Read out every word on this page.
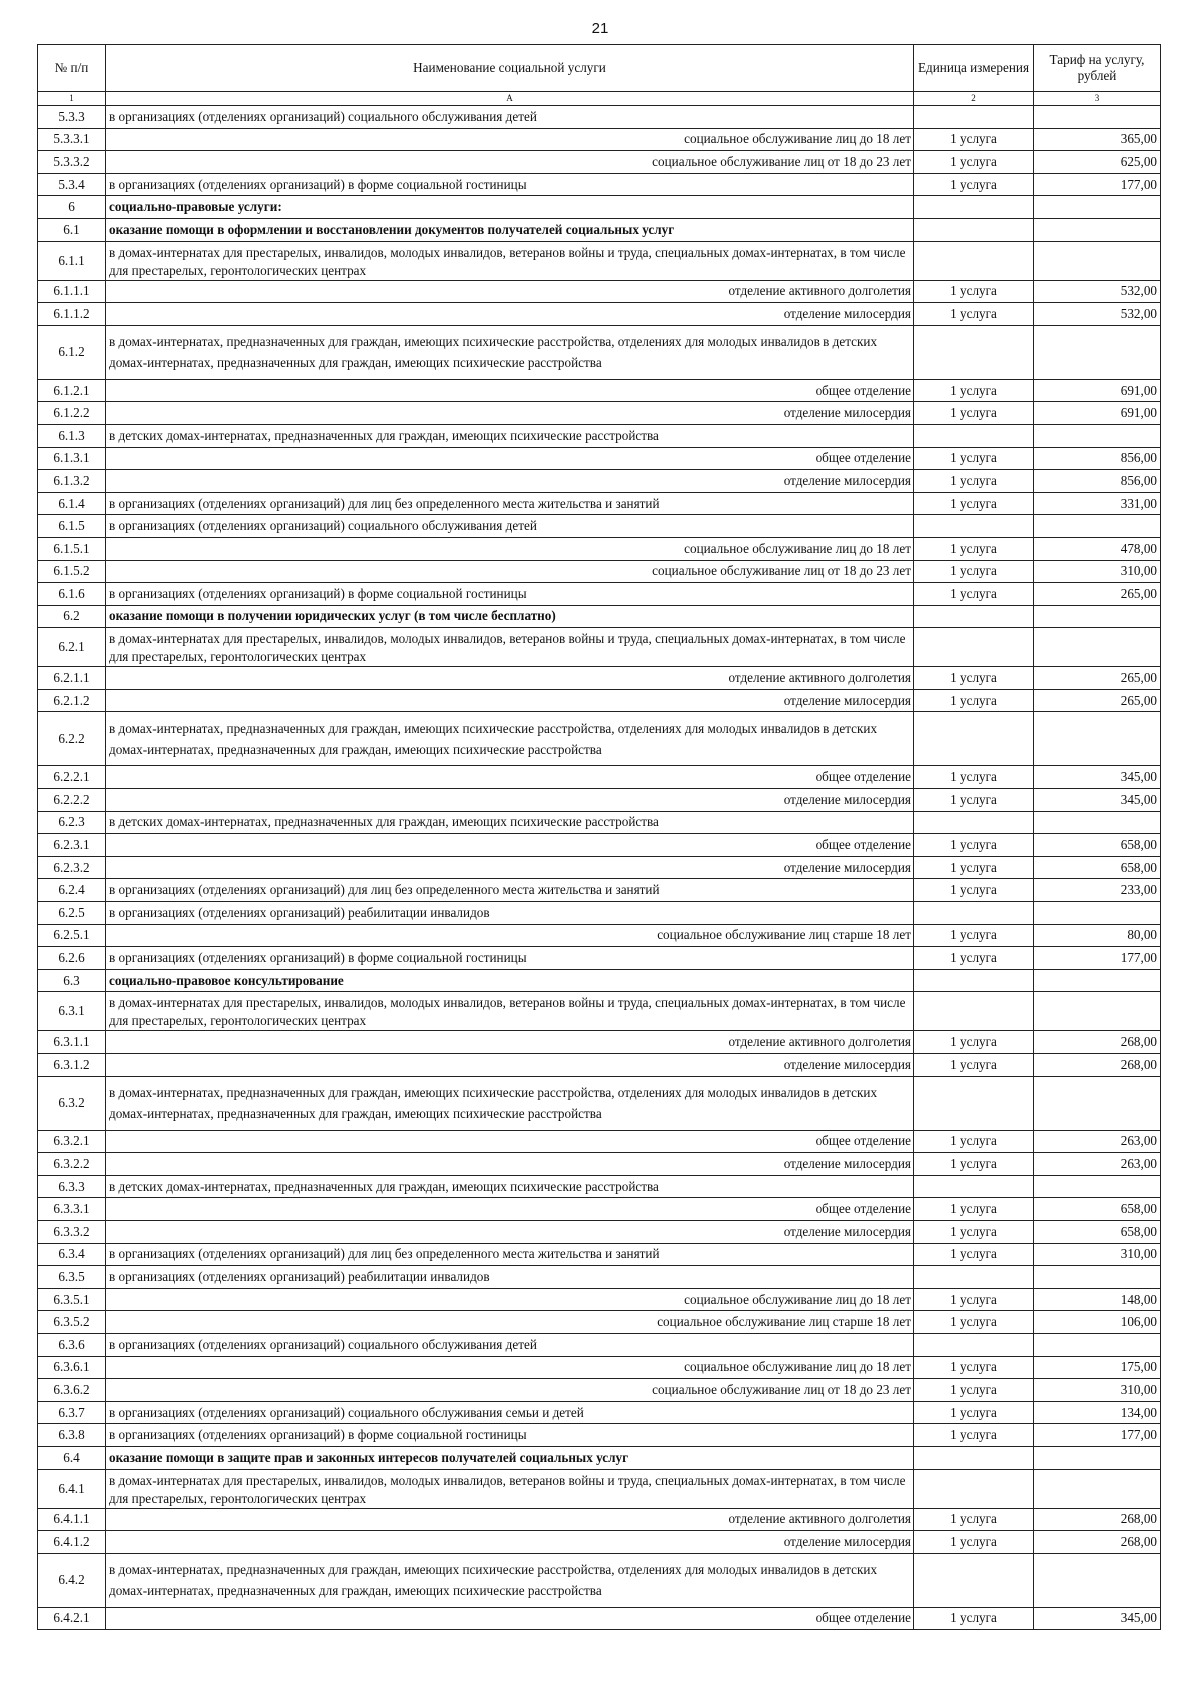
21
№ п/п	Наименование социальной услуги	Единица измерения	Тариф на услугу, рублей
1	А	2	3
5.3.3	в организациях (отделениях организаций) социального обслуживания детей		
5.3.3.1	социальное обслуживание лиц до 18 лет	1 услуга	365,00
5.3.3.2	социальное обслуживание лиц от 18 до 23 лет	1 услуга	625,00
5.3.4	в организациях (отделениях организаций) в форме социальной гостиницы	1 услуга	177,00
6	социально-правовые услуги:		
6.1	оказание помощи в оформлении и восстановлении документов получателей социальных услуг		
6.1.1	в домах-интернатах для престарелых, инвалидов, молодых инвалидов, ветеранов войны и труда, специальных домах-интернатах, в том числе для престарелых, геронтологических центрах		
6.1.1.1	отделение активного долголетия	1 услуга	532,00
6.1.1.2	отделение милосердия	1 услуга	532,00
6.1.2	в домах-интернатах, предназначенных для граждан, имеющих психические расстройства, отделениях для молодых инвалидов в детских домах-интернатах, предназначенных для граждан, имеющих психические расстройства		
6.1.2.1	общее отделение	1 услуга	691,00
6.1.2.2	отделение милосердия	1 услуга	691,00
6.1.3	в детских домах-интернатах, предназначенных для граждан, имеющих психические расстройства		
6.1.3.1	общее отделение	1 услуга	856,00
6.1.3.2	отделение милосердия	1 услуга	856,00
6.1.4	в организациях (отделениях организаций) для лиц без определенного места жительства и занятий	1 услуга	331,00
6.1.5	в организациях (отделениях организаций) социального обслуживания детей		
6.1.5.1	социальное обслуживание лиц до 18 лет	1 услуга	478,00
6.1.5.2	социальное обслуживание лиц от 18 до 23 лет	1 услуга	310,00
6.1.6	в организациях (отделениях организаций) в форме социальной гостиницы	1 услуга	265,00
6.2	оказание помощи в получении юридических услуг (в том числе бесплатно)		
6.2.1	в домах-интернатах для престарелых, инвалидов, молодых инвалидов, ветеранов войны и труда, специальных домах-интернатах, в том числе для престарелых, геронтологических центрах		
6.2.1.1	отделение активного долголетия	1 услуга	265,00
6.2.1.2	отделение милосердия	1 услуга	265,00
6.2.2	в домах-интернатах, предназначенных для граждан, имеющих психические расстройства, отделениях для молодых инвалидов в детских домах-интернатах, предназначенных для граждан, имеющих психические расстройства		
6.2.2.1	общее отделение	1 услуга	345,00
6.2.2.2	отделение милосердия	1 услуга	345,00
6.2.3	в детских домах-интернатах, предназначенных для граждан, имеющих психические расстройства		
6.2.3.1	общее отделение	1 услуга	658,00
6.2.3.2	отделение милосердия	1 услуга	658,00
6.2.4	в организациях (отделениях организаций) для лиц без определенного места жительства и занятий	1 услуга	233,00
6.2.5	в организациях (отделениях организаций) реабилитации инвалидов		
6.2.5.1	социальное обслуживание лиц старше 18 лет	1 услуга	80,00
6.2.6	в организациях (отделениях организаций) в форме социальной гостиницы	1 услуга	177,00
6.3	социально-правовое консультирование		
6.3.1	в домах-интернатах для престарелых, инвалидов, молодых инвалидов, ветеранов войны и труда, специальных домах-интернатах, в том числе для престарелых, геронтологических центрах		
6.3.1.1	отделение активного долголетия	1 услуга	268,00
6.3.1.2	отделение милосердия	1 услуга	268,00
6.3.2	в домах-интернатах, предназначенных для граждан, имеющих психические расстройства, отделениях для молодых инвалидов в детских домах-интернатах, предназначенных для граждан, имеющих психические расстройства		
6.3.2.1	общее отделение	1 услуга	263,00
6.3.2.2	отделение милосердия	1 услуга	263,00
6.3.3	в детских домах-интернатах, предназначенных для граждан, имеющих психические расстройства		
6.3.3.1	общее отделение	1 услуга	658,00
6.3.3.2	отделение милосердия	1 услуга	658,00
6.3.4	в организациях (отделениях организаций) для лиц без определенного места жительства и занятий	1 услуга	310,00
6.3.5	в организациях (отделениях организаций) реабилитации инвалидов		
6.3.5.1	социальное обслуживание лиц до 18 лет	1 услуга	148,00
6.3.5.2	социальное обслуживание лиц старше 18 лет	1 услуга	106,00
6.3.6	в организациях (отделениях организаций) социального обслуживания детей		
6.3.6.1	социальное обслуживание лиц до 18 лет	1 услуга	175,00
6.3.6.2	социальное обслуживание лиц от 18 до 23 лет	1 услуга	310,00
6.3.7	в организациях (отделениях организаций) социального обслуживания семьи и детей	1 услуга	134,00
6.3.8	в организациях (отделениях организаций) в форме социальной гостиницы	1 услуга	177,00
6.4	оказание помощи в защите прав и законных интересов получателей социальных услуг		
6.4.1	в домах-интернатах для престарелых, инвалидов, молодых инвалидов, ветеранов войны и труда, специальных домах-интернатах, в том числе для престарелых, геронтологических центрах		
6.4.1.1	отделение активного долголетия	1 услуга	268,00
6.4.1.2	отделение милосердия	1 услуга	268,00
6.4.2	в домах-интернатах, предназначенных для граждан, имеющих психические расстройства, отделениях для молодых инвалидов в детских домах-интернатах, предназначенных для граждан, имеющих психические расстройства		
6.4.2.1	общее отделение	1 услуга	345,00
